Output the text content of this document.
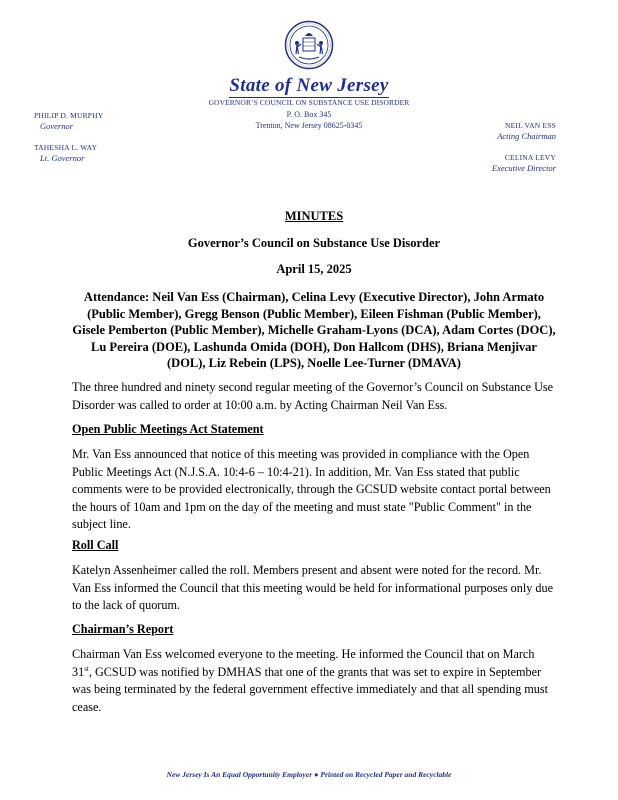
State of New Jersey
GOVERNOR’S COUNCIL ON SUBSTANCE USE DISORDER
P. O. Box 345
Trenton, New Jersey 08625-0345
PHILIP D. MURPHY
Governor
TAHESHA L. WAY
Lt. Governor
NEIL VAN ESS
Acting Chairman
CELINA LEVY
Executive Director
MINUTES
Governor’s Council on Substance Use Disorder
April 15, 2025
Attendance: Neil Van Ess (Chairman), Celina Levy (Executive Director), John Armato (Public Member), Gregg Benson (Public Member), Eileen Fishman (Public Member), Gisele Pemberton (Public Member), Michelle Graham-Lyons (DCA), Adam Cortes (DOC), Lu Pereira (DOE), Lashunda Omida (DOH), Don Hallcom (DHS), Briana Menjivar (DOL), Liz Rebein (LPS), Noelle Lee-Turner (DMAVA)
The three hundred and ninety second regular meeting of the Governor’s Council on Substance Use Disorder was called to order at 10:00 a.m. by Acting Chairman Neil Van Ess.
Open Public Meetings Act Statement
Mr. Van Ess announced that notice of this meeting was provided in compliance with the Open Public Meetings Act (N.J.S.A. 10:4-6 – 10:4-21). In addition, Mr. Van Ess stated that public comments were to be provided electronically, through the GCSUD website contact portal between the hours of 10am and 1pm on the day of the meeting and must state "Public Comment" in the subject line.
Roll Call
Katelyn Assenheimer called the roll. Members present and absent were noted for the record. Mr. Van Ess informed the Council that this meeting would be held for informational purposes only due to the lack of quorum.
Chairman’s Report
Chairman Van Ess welcomed everyone to the meeting. He informed the Council that on March 31st, GCSUD was notified by DMHAS that one of the grants that was set to expire in September was being terminated by the federal government effective immediately and that all spending must cease.
New Jersey Is An Equal Opportunity Employer ● Printed on Recycled Paper and Recyclable
